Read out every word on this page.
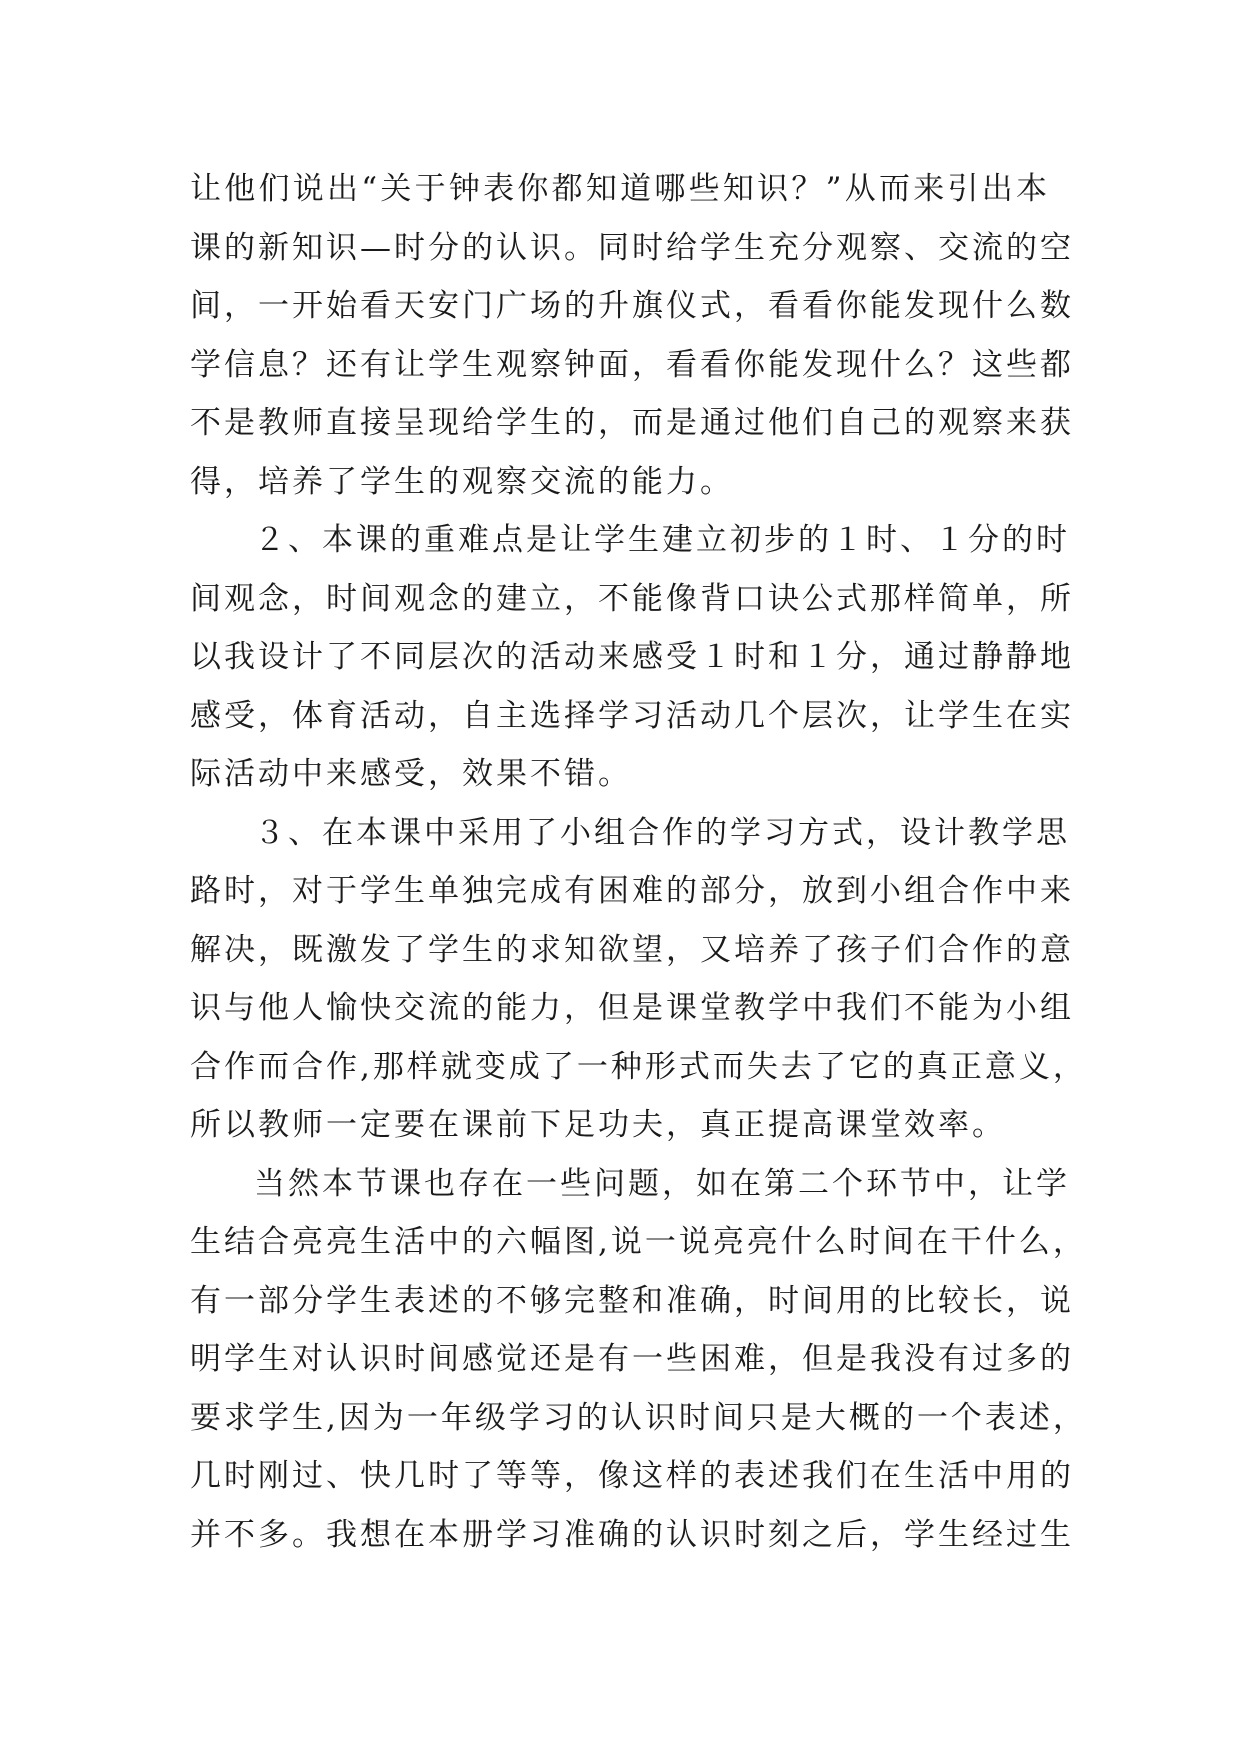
让他们说出“关于钟表你都知道哪些知识？”从而来引出本
课的新知识—时分的认识。同时给学生充分观察、交流的空
间，一开始看天安门广场的升旗仪式，看看你能发现什么数
学信息？还有让学生观察钟面，看看你能发现什么？这些都
不是教师直接呈现给学生的，而是通过他们自己的观察来获
得，培养了学生的观察交流的能力。
２、本课的重难点是让学生建立初步的１时、１分的时
间观念，时间观念的建立，不能像背口诀公式那样简单，所
以我设计了不同层次的活动来感受１时和１分，通过静静地
感受，体育活动，自主选择学习活动几个层次，让学生在实
际活动中来感受，效果不错。
３、在本课中采用了小组合作的学习方式，设计教学思
路时，对于学生单独完成有困难的部分，放到小组合作中来
解决，既激发了学生的求知欲望，又培养了孩子们合作的意
识与他人愉快交流的能力，但是课堂教学中我们不能为小组
合作而合作,那样就变成了一种形式而失去了它的真正意义，
所以教师一定要在课前下足功夫，真正提高课堂效率。
当然本节课也存在一些问题，如在第二个环节中，让学
生结合亮亮生活中的六幅图,说一说亮亮什么时间在干什么，
有一部分学生表述的不够完整和准确，时间用的比较长，说
明学生对认识时间感觉还是有一些困难，但是我没有过多的
要求学生,因为一年级学习的认识时间只是大概的一个表述，
几时刚过、快几时了等等，像这样的表述我们在生活中用的
并不多。我想在本册学习准确的认识时刻之后，学生经过生
